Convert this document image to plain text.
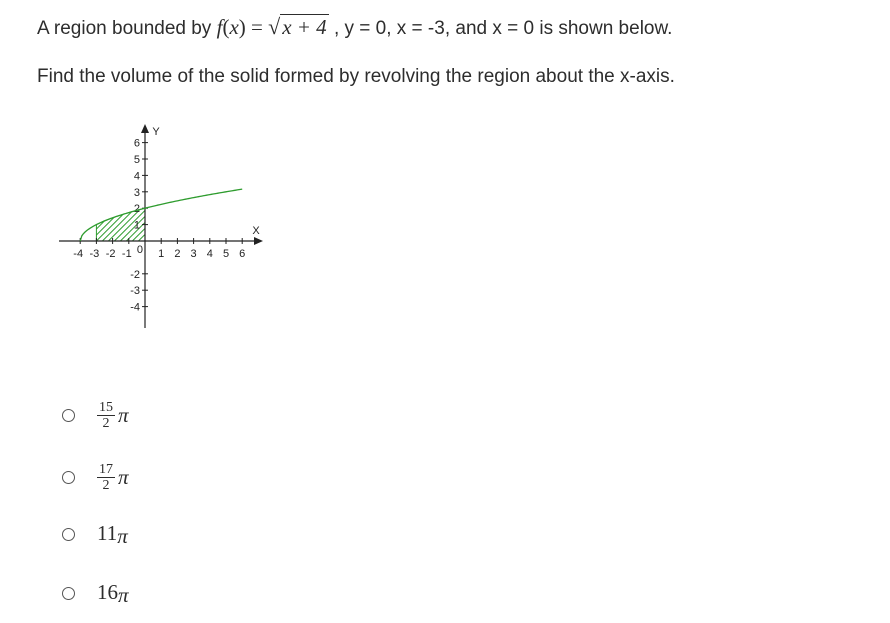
A region bounded by f(x) = √x + 4 , y = 0, x = -3, and x = 0 is shown below.
Find the volume of the solid formed by revolving the region about the x-axis.
-4 -3 -2 -1 1 2 3 4 5 6
6
5
4
3
2
1
-2
-3
-4
0
X
Y
$\frac{15}{2}$ π
$\frac{17}{2}$ π
11π
16π
